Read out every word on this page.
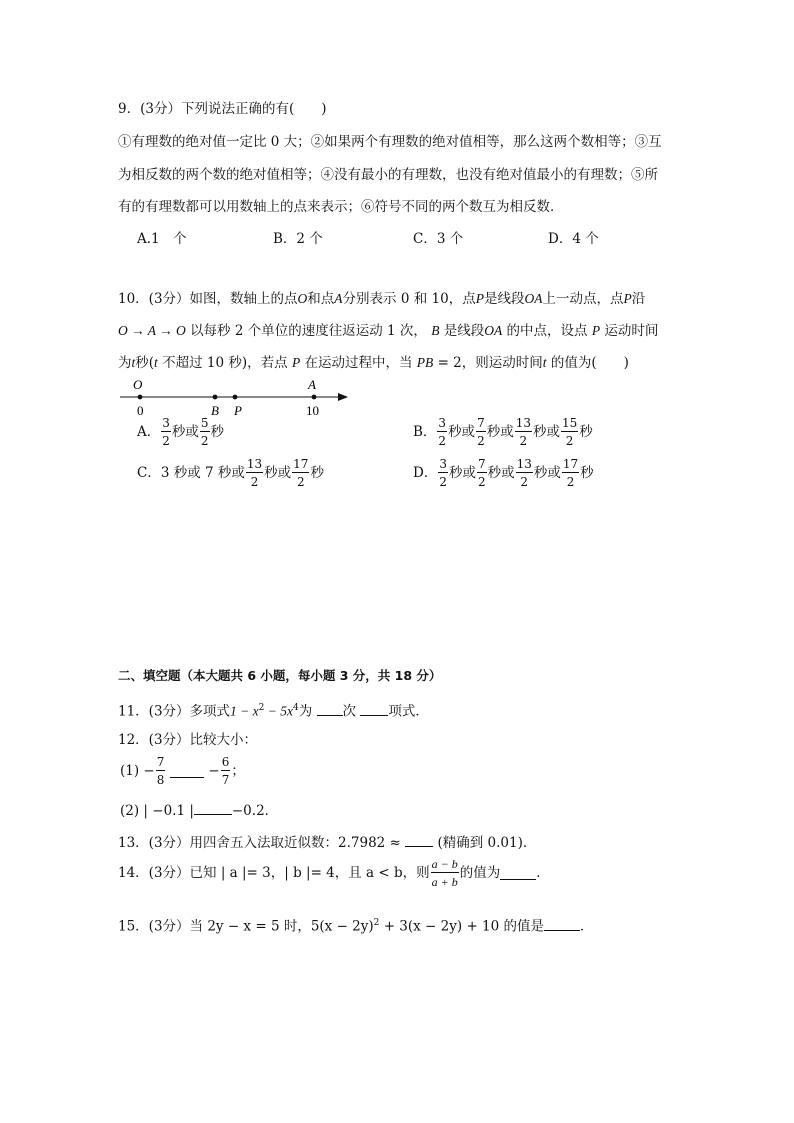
9．(3分）下列说法正确的有(　　)
①有理数的绝对值一定比 0 大；②如果两个有理数的绝对值相等，那么这两个数相等；③互
为相反数的两个数的绝对值相等；④没有最小的有理数，也没有绝对值最小的有理数；⑤所
有的有理数都可以用数轴上的点来表示；⑥符号不同的两个数互为相反数．
A.1　个	B．2 个	C．3 个	D．4 个
10．(3分）如图，数轴上的点O和点A分别表示 0 和 10，点P是线段OA上一动点，点P沿
O → A → O 以每秒 2 个单位的速度往返运动 1 次， B 是线段OA 的中点，设点 P 运动时间
为t秒(t 不超过 10 秒)，若点 P 在运动过程中，当 PB = 2，则运动时间t 的值为(　　)
O	A
0	B P	10
A． $\frac{3}{2}$ 秒或 $\frac{5}{2}$ 秒	B． $\frac{3}{2}$ 秒或 $\frac{7}{2}$ 秒或 $\frac{13}{2}$ 秒或 $\frac{15}{2}$ 秒
C．3 秒或 7 秒或 $\frac{13}{2}$ 秒或 $\frac{17}{2}$ 秒	D． $\frac{3}{2}$ 秒或 $\frac{7}{2}$ 秒或 $\frac{13}{2}$ 秒或 $\frac{17}{2}$ 秒
二、填空题（本大题共 6 小题，每小题 3 分，共 18 分）
11．(3分）多项式$1 - x^2 - 5x^4$为 次 项式．
12．(3分）比较大小：
$(1) - \frac{7}{8}$	− $\frac{6}{7}$ ；
(2) | −0.1 |	−0.2．
13．(3分）用四舍五入法取近似数：2.7982 ≈	(精确到 0.01)．
14．(3分）已知 | a |= 3，| b |= 4，且 a < b，则 $\frac{a - b}{a + b}$ 的值为	．
15．(3分）当 2y − x = 5 时，$5(x - 2y)^2 + 3(x - 2y) + 10$ 的值是	．
